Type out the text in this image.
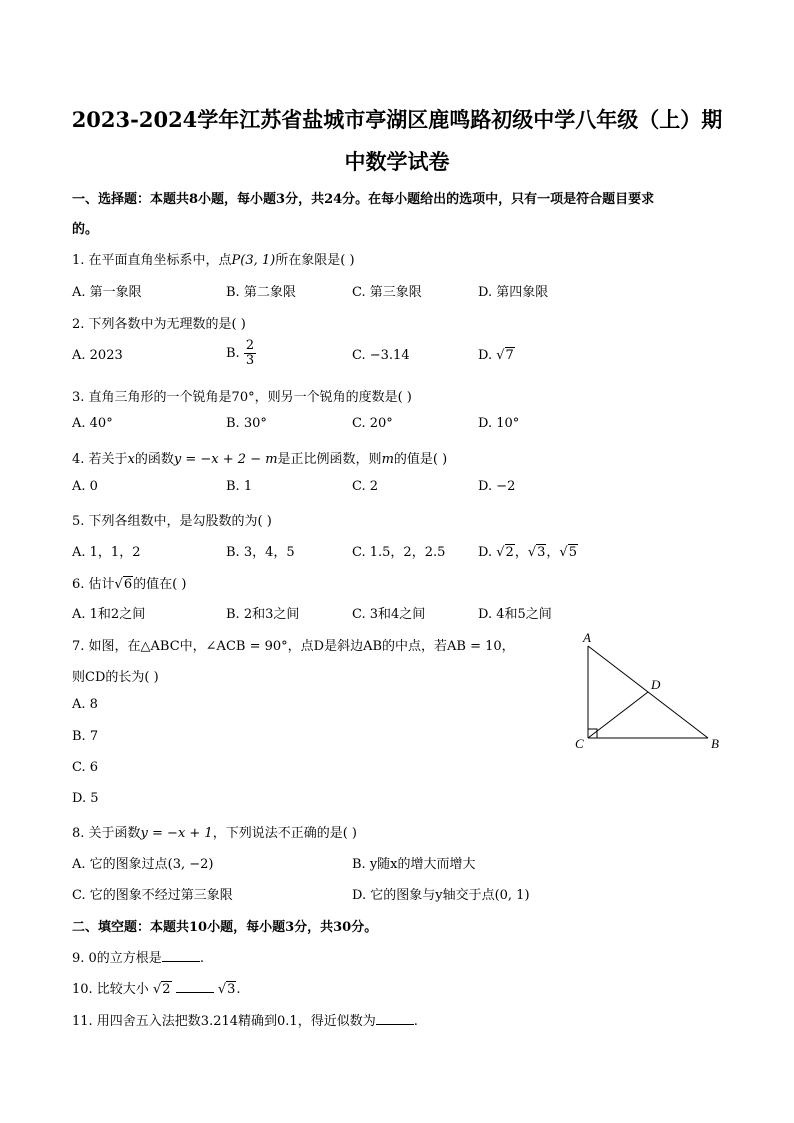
2023-2024学年江苏省盐城市亭湖区鹿鸣路初级中学八年级（上）期
中数学试卷
一、选择题：本题共8小题，每小题3分，共24分。在每小题给出的选项中，只有一项是符合题目要求
的。
1. 在平面直角坐标系中，点P(3, 1)所在象限是( )
A. 第一象限	B. 第二象限	C. 第三象限	D. 第四象限
2. 下列各数中为无理数的是( )
A. 2023	B. $\frac{2}{3}$	C. −3.14	D. √7
3. 直角三角形的一个锐角是70°，则另一个锐角的度数是( )
A. 40°	B. 30°	C. 20°	D. 10°
4. 若关于x的函数y = −x + 2 − m是正比例函数，则m的值是( )
A. 0	B. 1	C. 2	D. −2
5. 下列各组数中，是勾股数的为( )
A. 1，1，2	B. 3，4，5	C. 1.5，2，2.5	D. √2，√3，√5
6. 估计√6的值在( )
A. 1和2之间	B. 2和3之间	C. 3和4之间	D. 4和5之间
7. 如图，在△ABC中，∠ACB = 90°，点D是斜边AB的中点，若AB = 10，
则CD的长为( )
A. 8
B. 7
C. 6
D. 5
A
D
C	B
8. 关于函数y = −x + 1，下列说法不正确的是( )
A. 它的图象过点(3, −2)	B. y随x的增大而增大
C. 它的图象不经过第三象限	D. 它的图象与y轴交于点(0, 1)
二、填空题：本题共10小题，每小题3分，共30分。
9. 0的立方根是	.
10. 比较大小 √2	√3.
11. 用四舍五入法把数3.214精确到0.1，得近似数为	.
